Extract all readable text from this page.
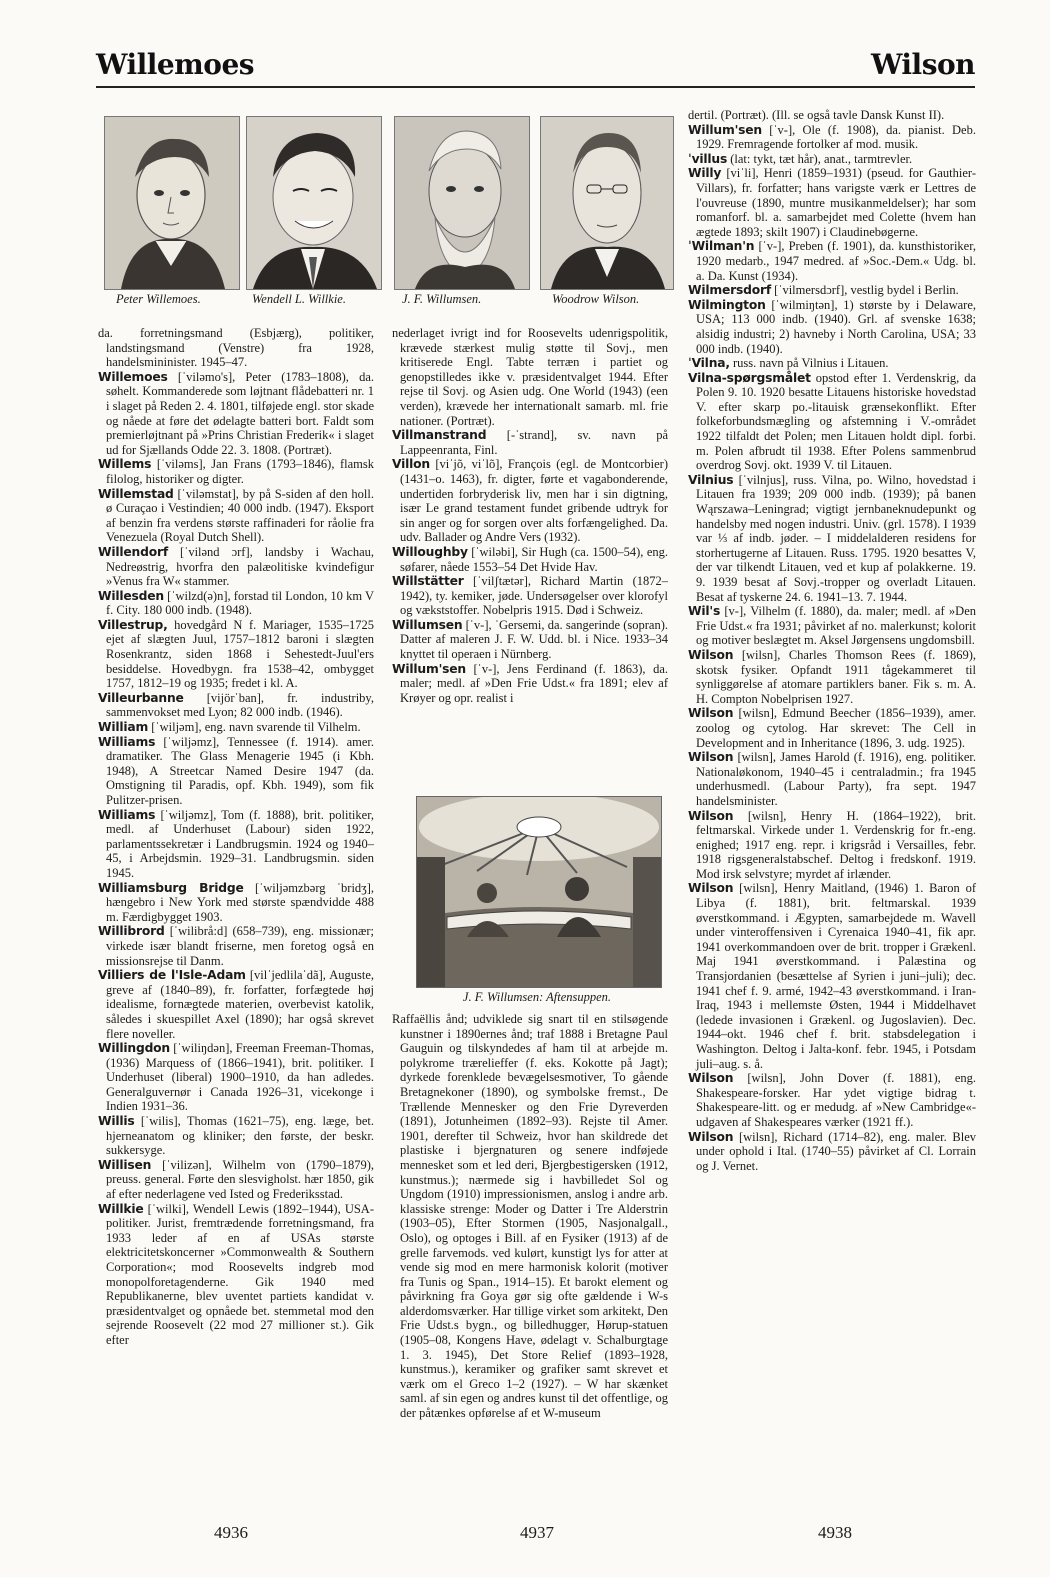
Willemoes	Wilson
Peter Willemoes.	Wendell L. Willkie.	J. F. Willumsen.	Woodrow Wilson.

da. forretningsmand (Esbjærg), politiker, landstingsmand (Venstre) fra 1928, handelsmininister. 1945–47.

Willemoes [ˈviləmo's], Peter (1783–1808), da. søhelt. Kommanderede som løjtnant flådebatteri nr. 1 i slaget på Reden 2. 4. 1801, tilføjede engl. stor skade og nåede at føre det ødelagte batteri bort. Faldt som premierløjtnant på »Prins Christian Frederik« i slaget ud for Sjællands Odde 22. 3. 1808. (Portræt).

Willems [ˈviləms], Jan Frans (1793–1846), flamsk filolog, historiker og digter.

Willemstad [ˈviləmstat], by på S-siden af den holl. ø Curaçao i Vestindien; 40 000 indb. (1947). Eksport af benzin fra verdens største raffinaderi for råolie fra Venezuela (Royal Dutch Shell).

Willendorf [ˈvilənd ɔrf], landsby i Wachau, Nedreøstrig, hvorfra den palæolitiske kvindefigur »Venus fra W« stammer.

Willesden [ˈwilzd(ə)n], forstad til London, 10 km V f. City. 180 000 indb. (1948).

Villestrup, hovedgård N f. Mariager, 1535–1725 ejet af slægten Juul, 1757–1812 baroni i slægten Rosenkrantz, siden 1868 i Sehestedt-Juul'ers besiddelse. Hovedbygn. fra 1538–42, ombygget 1757, 1812–19 og 1935; fredet i kl. A.

Villeurbanne [vijörˈban], fr. industriby, sammenvokset med Lyon; 82 000 indb. (1946).

William [ˈwiljəm], eng. navn svarende til Vilhelm.

Williams [ˈwiljəmz], Tennessee (f. 1914). amer. dramatiker. The Glass Menagerie 1945 (i Kbh. 1948), A Streetcar Named Desire 1947 (da. Omstigning til Paradis, opf. Kbh. 1949), som fik Pulitzer-prisen.

Williams [ˈwiljəmz], Tom (f. 1888), brit. politiker, medl. af Underhuset (Labour) siden 1922, parlamentssekretær i Landbrugsmin. 1924 og 1940–45, i Arbejdsmin. 1929–31. Landbrugsmin. siden 1945.

Williamsburg Bridge [ˈwiljəmzbərg ˈbridʒ], hængebro i New York med største spændvidde 488 m. Færdigbygget 1903.

Willibrord [ˈwilibrå:d] (658–739), eng. missionær; virkede især blandt friserne, men foretog også en missionsrejse til Danm.

Villiers de l'Isle-Adam [vilˈjedlilaˈdã], Auguste, greve af (1840–89), fr. forfatter, forfægtede høj idealisme, fornægtede materien, overbevist katolik, således i skuespillet Axel (1890); har også skrevet flere noveller.

Willingdon [ˈwiliŋdən], Freeman Freeman-Thomas, (1936) Marquess of (1866–1941), brit. politiker. I Underhuset (liberal) 1900–1910, da han adledes. Generalguvernør i Canada 1926–31, vicekonge i Indien 1931–36.

Willis [ˈwilis], Thomas (1621–75), eng. læge, bet. hjerneanatom og kliniker; den første, der beskr. sukkersyge.

Willisen [ˈvilizən], Wilhelm von (1790–1879), preuss. general. Førte den slesvigholst. hær 1850, gik af efter nederlagene ved Isted og Frederiksstad.

Willkie [ˈwilki], Wendell Lewis (1892–1944), USA-politiker. Jurist, fremtrædende forretningsmand, fra 1933 leder af en af USAs største elektricitetskoncerner »Commonwealth & Southern Corporation«; mod Roosevelts indgreb mod monopolforetagenderne. Gik 1940 med Republikanerne, blev uventet partiets kandidat v. præsidentvalget og opnåede bet. stemmetal mod den sejrende Roosevelt (22 mod 27 millioner st.). Gik efter

nederlaget ivrigt ind for Roosevelts udenrigspolitik, krævede stærkest mulig støtte til Sovj., men kritiserede Engl. Tabte terræn i partiet og genopstilledes ikke v. præsidentvalget 1944. Efter rejse til Sovj. og Asien udg. One World (1943) (een verden), krævede her internationalt samarb. ml. frie nationer. (Portræt).

Villmanstrand [-ˈstrand], sv. navn på Lappeenranta, Finl.

Villon [viˈjõ, viˈlõ], François (egl. de Montcorbier) (1431–o. 1463), fr. digter, førte et vagabonderende, undertiden forbryderisk liv, men har i sin digtning, især Le grand testament fundet gribende udtryk for sin anger og for sorgen over alts forfængelighed. Da. udv. Ballader og Andre Vers (1932).

Willoughby [ˈwiləbi], Sir Hugh (ca. 1500–54), eng. søfarer, nåede 1553–54 Det Hvide Hav.

Willstätter [ˈvilʃtætər], Richard Martin (1872–1942), ty. kemiker, jøde. Undersøgelser over klorofyl og vækststoffer. Nobelpris 1915. Død i Schweiz.

Willumsen [ˈv-], ˈGersemi, da. sangerinde (sopran). Datter af maleren J. F. W. Udd. bl. i Nice. 1933–34 knyttet til operaen i Nürnberg.

Willum'sen [ˈv-], Jens Ferdinand (f. 1863), da. maler; medl. af »Den Frie Udst.« fra 1891; elev af Krøyer og opr. realist i

J. F. Willumsen: Aftensuppen.

Raffaëllis ånd; udviklede sig snart til en stilsøgende kunstner i 1890ernes ånd; traf 1888 i Bretagne Paul Gauguin og tilskyndedes af ham til at arbejde m. polykrome trærelieffer (f. eks. Kokotte på Jagt); dyrkede forenklede bevægelsesmotiver, To gående Bretagnekoner (1890), og symbolske fremst., De Trællende Mennesker og den Frie Dyreverden (1891), Jotunheimen (1892–93). Rejste til Amer. 1901, derefter til Schweiz, hvor han skildrede det plastiske i bjergnaturen og senere indføjede mennesket som et led deri, Bjergbestigersken (1912, kunstmus.); nærmede sig i havbilledet Sol og Ungdom (1910) impressionismen, anslog i andre arb. klassiske strenge: Moder og Datter i Tre Alderstrin (1903–05), Efter Stormen (1905, Nasjonalgall., Oslo), og optoges i Bill. af en Fysiker (1913) af de grelle farvemods. ved kulørt, kunstigt lys for atter at vende sig mod en mere harmonisk kolorit (motiver fra Tunis og Span., 1914–15). Et barokt element og påvirkning fra Goya gør sig ofte gældende i W-s alderdomsværker. Har tillige virket som arkitekt, Den Frie Udst.s bygn., og billedhugger, Hørup-statuen (1905–08, Kongens Have, ødelagt v. Schalburgtage 1. 3. 1945), Det Store Relief (1893–1928, kunstmus.), keramiker og grafiker samt skrevet et værk om el Greco 1–2 (1927). – W har skænket saml. af sin egen og andres kunst til det offentlige, og der påtænkes opførelse af et W-museum

dertil. (Portræt). (Ill. se også tavle Dansk Kunst II).

Willum'sen [ˈv-], Ole (f. 1908), da. pianist. Deb. 1929. Fremragende fortolker af mod. musik.

ˈvillus (lat: tykt, tæt hår), anat., tarmtrevler.

Willy [viˈli], Henri (1859–1931) (pseud. for Gauthier-Villars), fr. forfatter; hans varigste værk er Lettres de l'ouvreuse (1890, muntre musikanmeldelser); har som romanforf. bl. a. samarbejdet med Colette (hvem han ægtede 1893; skilt 1907) i Claudinebøgerne.

ˈWilman'n [ˈv-], Preben (f. 1901), da. kunsthistoriker, 1920 medarb., 1947 medred. af »Soc.-Dem.« Udg. bl. a. Da. Kunst (1934).

Wilmersdorf [ˈvilmersdɔrf], vestlig bydel i Berlin.

Wilmington [ˈwilmiŋtən], 1) største by i Delaware, USA; 113 000 indb. (1940). Grl. af svenske 1638; alsidig industri; 2) havneby i North Carolina, USA; 33 000 indb. (1940).

ˈVilna, russ. navn på Vilnius i Litauen.

Vilna-spørgsmålet opstod efter 1. Verdenskrig, da Polen 9. 10. 1920 besatte Litauens historiske hovedstad V. efter skarp po.-litauisk grænsekonflikt. Efter folkeforbundsmægling og afstemning i V.-området 1922 tilfaldt det Polen; men Litauen holdt dipl. forbi. m. Polen afbrudt til 1938. Efter Polens sammenbrud overdrog Sovj. okt. 1939 V. til Litauen.

Vilnius [ˈvilnjus], russ. Vilna, po. Wilno, hovedstad i Litauen fra 1939; 209 000 indb. (1939); på banen Wąrszawa–Leningrad; vigtigt jernbaneknudepunkt og handelsby med nogen industri. Univ. (grl. 1578). I 1939 var ⅓ af indb. jøder. – I middelalderen residens for storhertugerne af Litauen. Russ. 1795. 1920 besattes V, der var tilkendt Litauen, ved et kup af polakkerne. 19. 9. 1939 besat af Sovj.-tropper og overladt Litauen. Besat af tyskerne 24. 6. 1941–13. 7. 1944.

Wil's [v-], Vilhelm (f. 1880), da. maler; medl. af »Den Frie Udst.« fra 1931; påvirket af no. malerkunst; kolorit og motiver beslægtet m. Aksel Jørgensens ungdomsbill.

Wilson [wilsn], Charles Thomson Rees (f. 1869), skotsk fysiker. Opfandt 1911 tågekammeret til synliggørelse af atomare partiklers baner. Fik s. m. A. H. Compton Nobelprisen 1927.

Wilson [wilsn], Edmund Beecher (1856–1939), amer. zoolog og cytolog. Har skrevet: The Cell in Development and in Inheritance (1896, 3. udg. 1925).

Wilson [wilsn], James Harold (f. 1916), eng. politiker. Nationaløkonom, 1940–45 i centraladmin.; fra 1945 underhusmedl. (Labour Party), fra sept. 1947 handelsminister.

Wilson [wilsn], Henry H. (1864–1922), brit. feltmarskal. Virkede under 1. Verdenskrig for fr.-eng. enighed; 1917 eng. repr. i krigsråd i Versailles, febr. 1918 rigsgeneralstabschef. Deltog i fredskonf. 1919. Mod irsk selvstyre; myrdet af irlænder.

Wilson [wilsn], Henry Maitland, (1946) 1. Baron of Libya (f. 1881), brit. feltmarskal. 1939 øverstkommand. i Ægypten, samarbejdede m. Wavell under vinteroffensiven i Cyrenaica 1940–41, fik apr. 1941 overkommandoen over de brit. tropper i Grækenl. Maj 1941 øverstkommand. i Palæstina og Transjordanien (besættelse af Syrien i juni–juli); dec. 1941 chef f. 9. armé, 1942–43 øverstkommand. i Iran-Iraq, 1943 i mellemste Østen, 1944 i Middelhavet (ledede invasionen i Grækenl. og Jugoslavien). Dec. 1944–okt. 1946 chef f. brit. stabsdelegation i Washington. Deltog i Jalta-konf. febr. 1945, i Potsdam juli–aug. s. å.

Wilson [wilsn], John Dover (f. 1881), eng. Shakespeare-forsker. Har ydet vigtige bidrag t. Shakespeare-litt. og er medudg. af »New Cambridge«-udgaven af Shakespeares værker (1921 ff.).

Wilson [wilsn], Richard (1714–82), eng. maler. Blev under ophold i Ital. (1740–55) påvirket af Cl. Lorrain og J. Vernet.

4936	4937	4938
